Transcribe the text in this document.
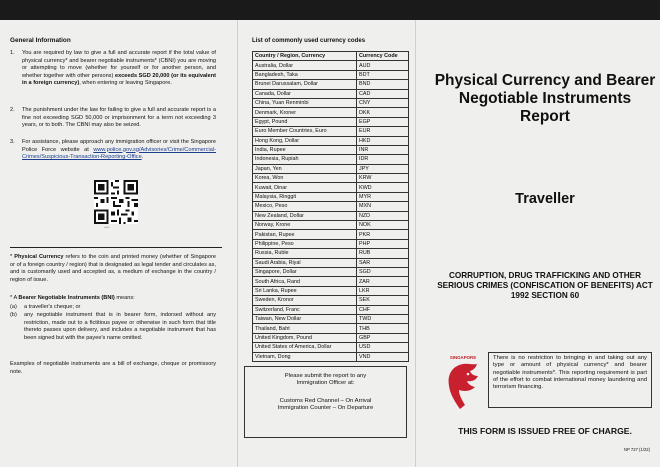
General Information
1. You are required by law to give a full and accurate report if the total value of physical currency* and bearer negotiable instruments* (CBNI) you are moving or attempting to move (whether for yourself or for another person, and whether together with other persons) exceeds SGD 20,000 (or its equivalent in a foreign currency), when entering or leaving Singapore.
2. The punishment under the law for failing to give a full and accurate report is a fine not exceeding SGD 50,000 or imprisonment for a term not exceeding 3 years, or to both. The CBNI may also be seized.
3. For assistance, please approach any immigration officer or visit the Singapore Police Force website at www.police.gov.sg/Advisories/Crime/Commercial-Crimes/Suspicious-Transaction-Reporting-Office.
▪▪▪▪▪▪
* Physical Currency refers to the coin and printed money (whether of Singapore or of a foreign country / region) that is designated as legal tender and circulates as, and is customarily used and accepted as, a medium of exchange in the country / region of issue.
* A Bearer Negotiable Instruments (BNI) means:
(a) a traveller's cheque; or
(b) any negotiable instrument that is in bearer form, indorsed without any restriction, made out to a fictitious payee or otherwise in such form that title thereto passes upon delivery, and includes a negotiable instrument that has been signed but with the payee's name omitted.
Examples of negotiable instruments are a bill of exchange, cheque or promissory note.
List of commonly used currency codes
Country / Region, Currency	Currency Code
Australia, Dollar	AUD
Bangladesh, Taka	BDT
Brunei Darussalam, Dollar	BND
Canada, Dollar	CAD
China, Yuan Renminbi	CNY
Denmark, Kroner	DKK
Egypt, Pound	EGP
Euro Member Countries, Euro	EUR
Hong Kong, Dollar	HKD
India, Rupee	INR
Indonesia, Rupiah	IDR
Japan, Yen	JPY
Korea, Won	KRW
Kuwait, Dinar	KWD
Malaysia, Ringgit	MYR
Mexico, Peso	MXN
New Zealand, Dollar	NZD
Norway, Krone	NOK
Pakistan, Rupee	PKR
Philippine, Peso	PHP
Russia, Ruble	RUB
Saudi Arabia, Riyal	SAR
Singapore, Dollar	SGD
South Africa, Rand	ZAR
Sri Lanka, Rupee	LKR
Sweden, Kronor	SEK
Switzerland, Franc	CHF
Taiwan, New Dollar	TWD
Thailand, Baht	THB
United Kingdom, Pound	GBP
United States of America, Dollar	USD
Vietnam, Dong	VND
Please submit the report to any
Immigration Officer at:
Customs Red Channel – On Arrival
Immigration Counter – On Departure
Physical Currency and Bearer Negotiable Instruments Report
Traveller
CORRUPTION, DRUG TRAFFICKING AND OTHER SERIOUS CRIMES (CONFISCATION OF BENEFITS) ACT 1992 SECTION 60
SINGAPORE	There is no restriction to bringing in and taking out any type or amount of physical currency* and bearer negotiable instruments*. This reporting requirement is part of the effort to combat international money laundering and terrorism financing.
THIS FORM IS ISSUED FREE OF CHARGE.
NP 727 (1/22)
